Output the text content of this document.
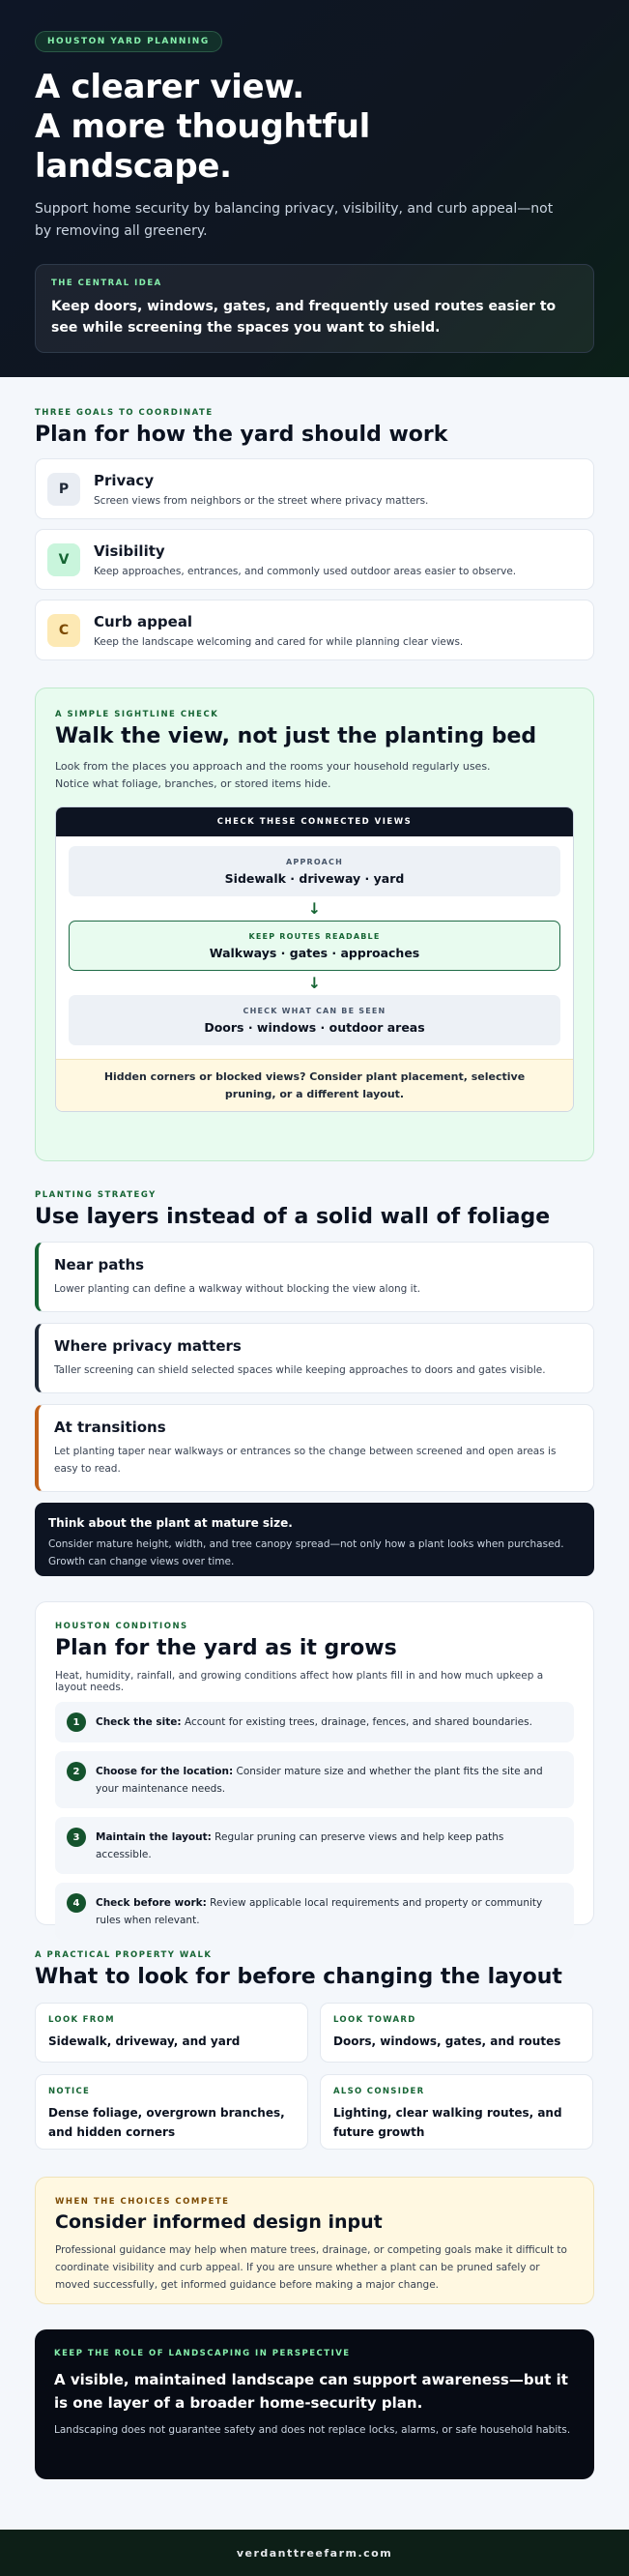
HOUSTON YARD PLANNING
A clearer view.
A more thoughtful
landscape.

Support home security by balancing privacy, visibility, and curb appeal—not by removing all greenery.

THE CENTRAL IDEA
Keep doors, windows, gates, and frequently used routes easier to see while screening the spaces you want to shield.
THREE GOALS TO COORDINATE
Plan for how the yard should work
P	Privacy
Screen views from neighbors or the street where privacy matters.
V	Visibility
Keep approaches, entrances, and commonly used outdoor areas easier to observe.
C	Curb appeal
Keep the landscape welcoming and cared for while planning clear views.
A SIMPLE SIGHTLINE CHECK
Walk the view, not just the planting bed

Look from the places you approach and the rooms your household regularly uses. Notice what foliage, branches, or stored items hide.

CHECK THESE CONNECTED VIEWS
APPROACH
Sidewalk · driveway · yard
↓
KEEP ROUTES READABLE
Walkways · gates · approaches
↓
CHECK WHAT CAN BE SEEN
Doors · windows · outdoor areas
Hidden corners or blocked views? Consider plant placement, selective pruning, or a different layout.
PLANTING STRATEGY
Use layers instead of a solid wall of foliage
Near paths
Lower planting can define a walkway without blocking the view along it.
Where privacy matters
Taller screening can shield selected spaces while keeping approaches to doors and gates visible.
At transitions
Let planting taper near walkways or entrances so the change between screened and open areas is easy to read.
Think about the plant at mature size.
Consider mature height, width, and tree canopy spread—not only how a plant looks when purchased. Growth can change views over time.
HOUSTON CONDITIONS
Plan for the yard as it grows

Heat, humidity, rainfall, and growing conditions affect how plants fill in and how much upkeep a layout needs.

1	Check the site: Account for existing trees, drainage, fences, and shared boundaries.
2	Choose for the location: Consider mature size and whether the plant fits the site and your maintenance needs.
3	Maintain the layout: Regular pruning can preserve views and help keep paths accessible.
4	Check before work: Review applicable local requirements and property or community rules when relevant.
A PRACTICAL PROPERTY WALK
What to look for before changing the layout
LOOK FROM
Sidewalk, driveway, and yard
LOOK TOWARD
Doors, windows, gates, and routes
NOTICE
Dense foliage, overgrown branches, and hidden corners
ALSO CONSIDER
Lighting, clear walking routes, and future growth
WHEN THE CHOICES COMPETE
Consider informed design input

Professional guidance may help when mature trees, drainage, or competing goals make it difficult to coordinate visibility and curb appeal. If you are unsure whether a plant can be pruned safely or moved successfully, get informed guidance before making a major change.

KEEP THE ROLE OF LANDSCAPING IN PERSPECTIVE
A visible, maintained landscape can support awareness—but it is one layer of a broader home-security plan.

Landscaping does not guarantee safety and does not replace locks, alarms, or safe household habits.

verdanttreefarm.com
